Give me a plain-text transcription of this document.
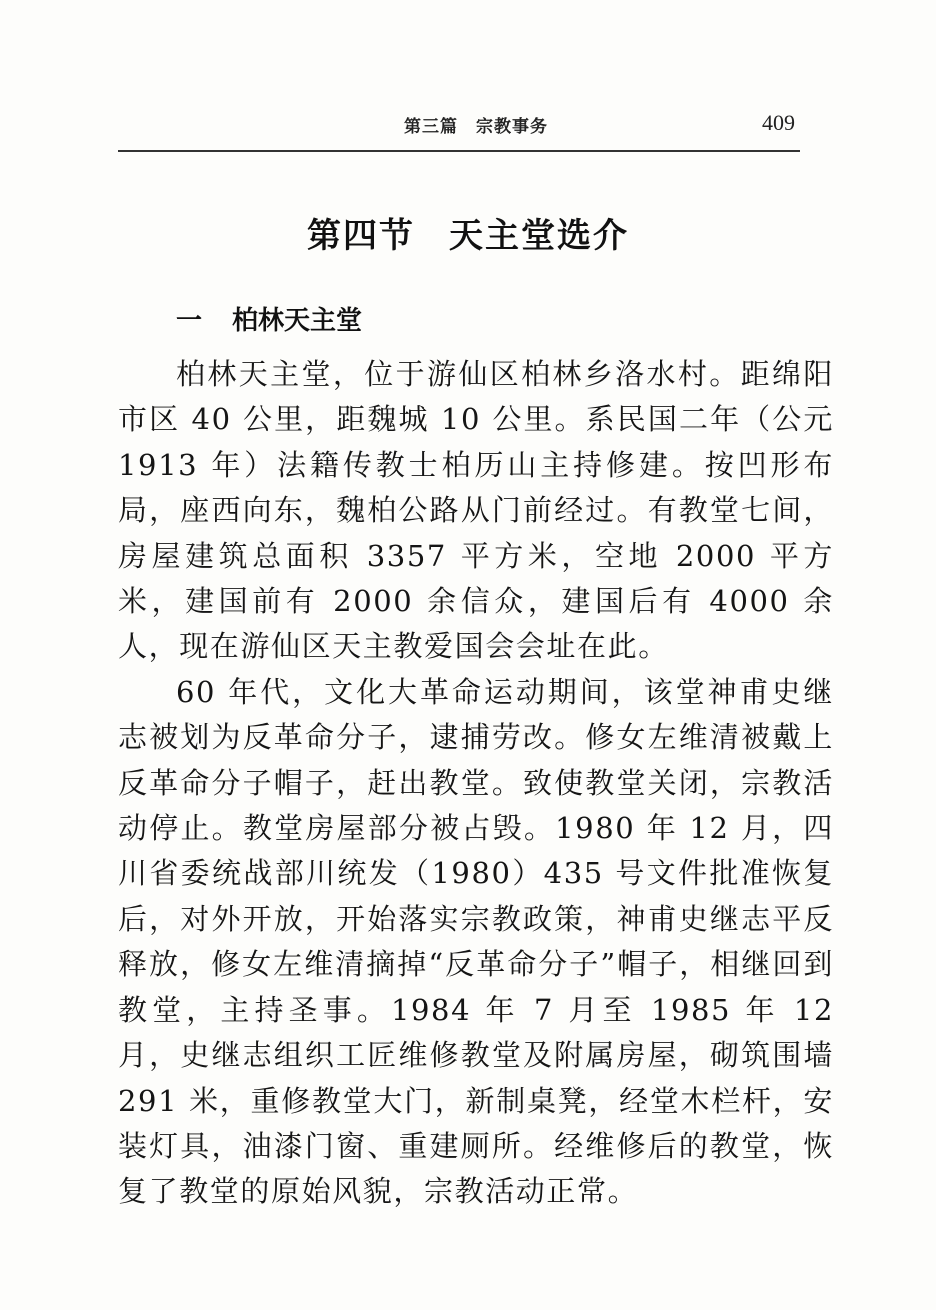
第三篇 宗教事务	409
第四节 天主堂选介
一 柏林天主堂

柏林天主堂，位于游仙区柏林乡洛水村。距绵阳市区 40 公里，距魏城 10 公里。系民国二年（公元 1913 年）法籍传教士柏历山主持修建。按凹形布局，座西向东，魏柏公路从门前经过。有教堂七间，房屋建筑总面积 3357 平方米，空地 2000 平方米，建国前有 2000 余信众，建国后有 4000 余人，现在游仙区天主教爱国会会址在此。

60 年代，文化大革命运动期间，该堂神甫史继志被划为反革命分子，逮捕劳改。修女左维清被戴上反革命分子帽子，赶出教堂。致使教堂关闭，宗教活动停止。教堂房屋部分被占毁。1980 年 12 月，四川省委统战部川统发（1980）435 号文件批准恢复后，对外开放，开始落实宗教政策，神甫史继志平反释放，修女左维清摘掉“反革命分子”帽子，相继回到教堂，主持圣事。1984 年 7 月至 1985 年 12 月，史继志组织工匠维修教堂及附属房屋，砌筑围墙 291 米，重修教堂大门，新制桌凳，经堂木栏杆，安装灯具，油漆门窗、重建厕所。经维修后的教堂，恢复了教堂的原始风貌，宗教活动正常。
